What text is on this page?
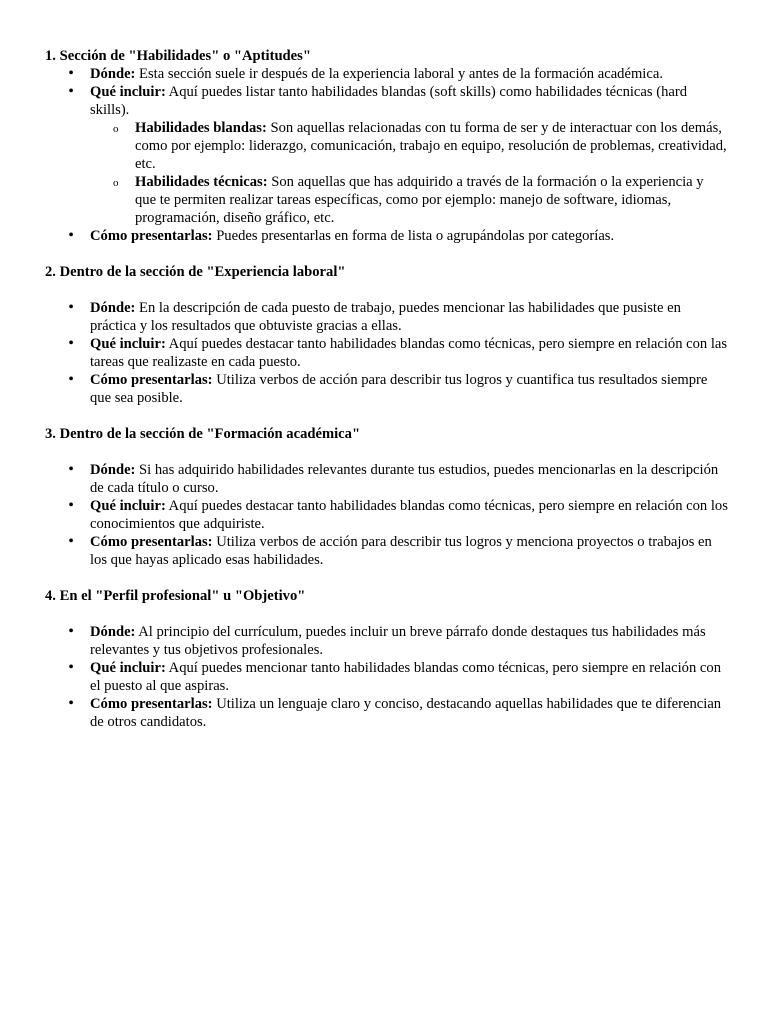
1. Sección de "Habilidades" o "Aptitudes"

• Dónde: Esta sección suele ir después de la experiencia laboral y antes de la formación académica.
• Qué incluir: Aquí puedes listar tanto habilidades blandas (soft skills) como habilidades técnicas (hard skills).
o Habilidades blandas: Son aquellas relacionadas con tu forma de ser y de interactuar con los demás, como por ejemplo: liderazgo, comunicación, trabajo en equipo, resolución de problemas, creatividad, etc.
o Habilidades técnicas: Son aquellas que has adquirido a través de la formación o la experiencia y que te permiten realizar tareas específicas, como por ejemplo: manejo de software, idiomas, programación, diseño gráfico, etc.
• Cómo presentarlas: Puedes presentarlas en forma de lista o agrupándolas por categorías.

2. Dentro de la sección de "Experiencia laboral"

• Dónde: En la descripción de cada puesto de trabajo, puedes mencionar las habilidades que pusiste en práctica y los resultados que obtuviste gracias a ellas.
• Qué incluir: Aquí puedes destacar tanto habilidades blandas como técnicas, pero siempre en relación con las tareas que realizaste en cada puesto.
• Cómo presentarlas: Utiliza verbos de acción para describir tus logros y cuantifica tus resultados siempre que sea posible.

3. Dentro de la sección de "Formación académica"

• Dónde: Si has adquirido habilidades relevantes durante tus estudios, puedes mencionarlas en la descripción de cada título o curso.
• Qué incluir: Aquí puedes destacar tanto habilidades blandas como técnicas, pero siempre en relación con los conocimientos que adquiriste.
• Cómo presentarlas: Utiliza verbos de acción para describir tus logros y menciona proyectos o trabajos en los que hayas aplicado esas habilidades.

4. En el "Perfil profesional" u "Objetivo"

• Dónde: Al principio del currículum, puedes incluir un breve párrafo donde destaques tus habilidades más relevantes y tus objetivos profesionales.
• Qué incluir: Aquí puedes mencionar tanto habilidades blandas como técnicas, pero siempre en relación con el puesto al que aspiras.
• Cómo presentarlas: Utiliza un lenguaje claro y conciso, destacando aquellas habilidades que te diferencian de otros candidatos.
